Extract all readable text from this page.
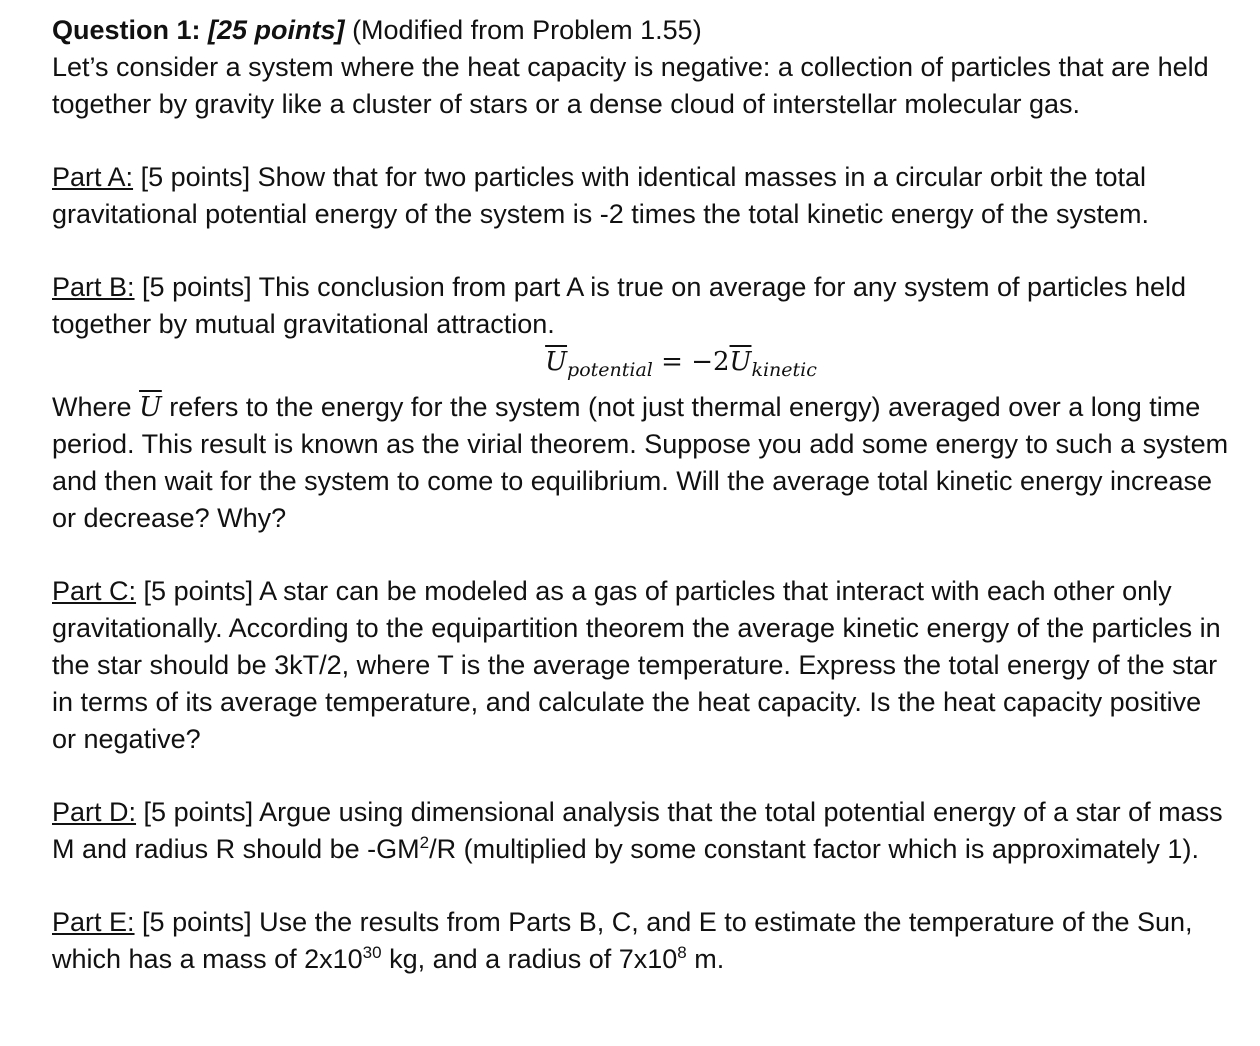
Question 1: [25 points] (Modified from Problem 1.55)

Let’s consider a system where the heat capacity is negative: a collection of particles that are held together by gravity like a cluster of stars or a dense cloud of interstellar molecular gas.

Part A: [5 points] Show that for two particles with identical masses in a circular orbit the total gravitational potential energy of the system is -2 times the total kinetic energy of the system.

Part B: [5 points] This conclusion from part A is true on average for any system of particles held together by mutual gravitational attraction.

$\overline{U}_{potential} = -2\overline{U}_{kinetic}$

Where $\overline{U}$ refers to the energy for the system (not just thermal energy) averaged over a long time period. This result is known as the virial theorem. Suppose you add some energy to such a system and then wait for the system to come to equilibrium. Will the average total kinetic energy increase or decrease? Why?

Part C: [5 points] A star can be modeled as a gas of particles that interact with each other only gravitationally. According to the equipartition theorem the average kinetic energy of the particles in the star should be 3kT/2, where T is the average temperature. Express the total energy of the star in terms of its average temperature, and calculate the heat capacity. Is the heat capacity positive or negative?

Part D: [5 points] Argue using dimensional analysis that the total potential energy of a star of mass M and radius R should be $-GM^2/R$ (multiplied by some constant factor which is approximately 1).

Part E: [5 points] Use the results from Parts B, C, and E to estimate the temperature of the Sun, which has a mass of $2x10^{30}$ kg, and a radius of $7x10^8$ m.
